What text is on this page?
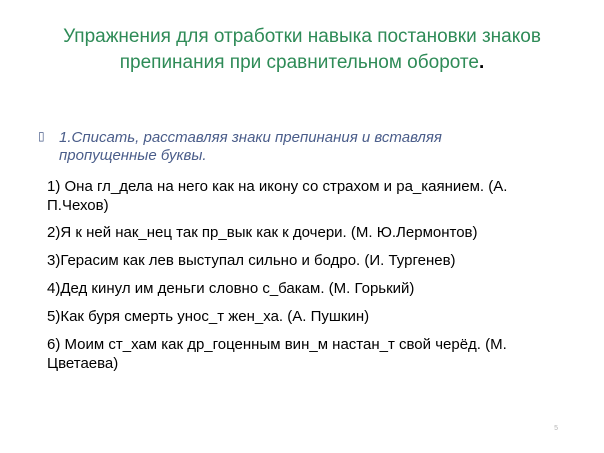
Упражнения для отработки навыка постановки знаков препинания при сравнительном обороте.
▯ 1.Списать, расставляя знаки препинания и вставляя пропущенные буквы.
1) Она гл_дела на него как на икону со страхом и ра_каянием. (А. П.Чехов)
2)Я к ней нак_нец так пр_вык как к дочери. (М. Ю.Лермонтов)
3)Герасим как лев выступал сильно и бодро. (И. Тургенев)
4)Дед кинул им деньги словно с_бакам. (М. Горький)
5)Как буря смерть унос_т жен_ха. (А. Пушкин)
6) Моим ст_хам как др_гоценным вин_м настан_т свой черёд. (М. Цветаева)
5
